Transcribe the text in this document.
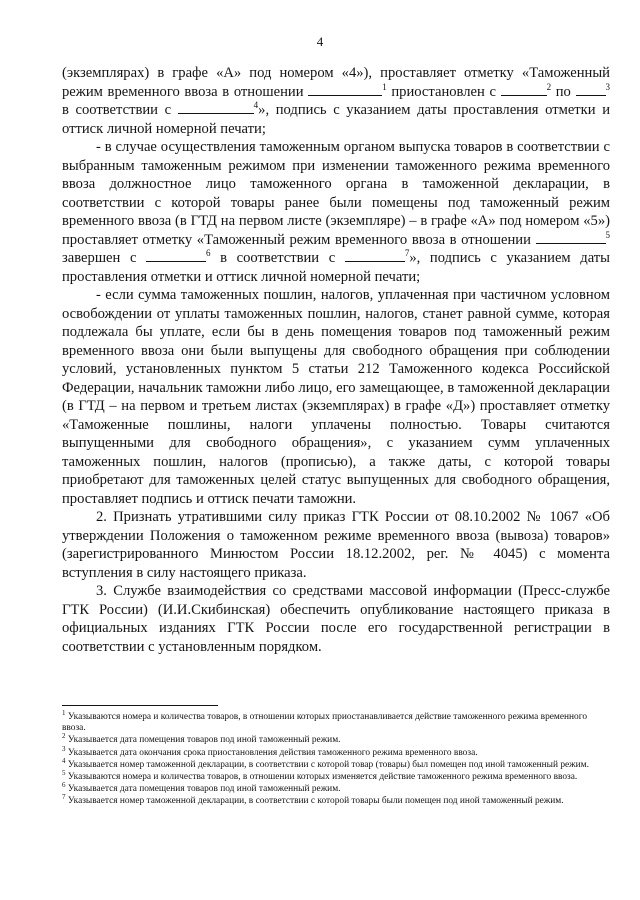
4

(экземплярах) в графе «А» под номером «4»), проставляет отметку «Таможенный режим временного ввоза в отношении	$^1$ приостановлен с	$^2$ по	$^3$ в соответствии с	$^4$», подпись с указанием даты проставления отметки и оттиск личной номерной печати;

- в случае осуществления таможенным органом выпуска товаров в соответствии с выбранным таможенным режимом при изменении таможенного режима временного ввоза должностное лицо таможенного органа в таможенной декларации, в соответствии с которой товары ранее были помещены под таможенный режим временного ввоза (в ГТД на первом листе (экземпляре) – в графе «А» под номером «5») проставляет отметку «Таможенный режим временного ввоза в отношении	$^5$ завершен с	$^6$ в соответствии с	$^7$», подпись с указанием даты проставления отметки и оттиск личной номерной печати;

- если сумма таможенных пошлин, налогов, уплаченная при частичном условном освобождении от уплаты таможенных пошлин, налогов, станет равной сумме, которая подлежала бы уплате, если бы в день помещения товаров под таможенный режим временного ввоза они были выпущены для свободного обращения при соблюдении условий, установленных пунктом 5 статьи 212 Таможенного кодекса Российской Федерации, начальник таможни либо лицо, его замещающее, в таможенной декларации (в ГТД – на первом и третьем листах (экземплярах) в графе «Д») проставляет отметку «Таможенные пошлины, налоги уплачены полностью. Товары считаются выпущенными для свободного обращения», с указанием сумм уплаченных таможенных пошлин, налогов (прописью), а также даты, с которой товары приобретают для таможенных целей статус выпущенных для свободного обращения, проставляет подпись и оттиск печати таможни.

2. Признать утратившими силу приказ ГТК России от 08.10.2002 № 1067 «Об утверждении Положения о таможенном режиме временного ввоза (вывоза) товаров» (зарегистрированного Минюстом России 18.12.2002, рег. № 4045) с момента вступления в силу настоящего приказа.

3. Службе взаимодействия со средствами массовой информации (Пресс-службе ГТК России) (И.И.Скибинская) обеспечить опубликование настоящего приказа в официальных изданиях ГТК России после его государственной регистрации в соответствии с установленным порядком.

$^1$ Указываются номера и количества товаров, в отношении которых приостанавливается действие таможенного режима временного ввоза.

$^2$ Указывается дата помещения товаров под иной таможенный режим.

$^3$ Указывается дата окончания срока приостановления действия таможенного режима временного ввоза.

$^4$ Указывается номер таможенной декларации, в соответствии с которой товар (товары) был помещен под иной таможенный режим.

$^5$ Указываются номера и количества товаров, в отношении которых изменяется действие таможенного режима временного ввоза.

$^6$ Указывается дата помещения товаров под иной таможенный режим.

$^7$ Указывается номер таможенной декларации, в соответствии с которой товары были помещен под иной таможенный режим.
